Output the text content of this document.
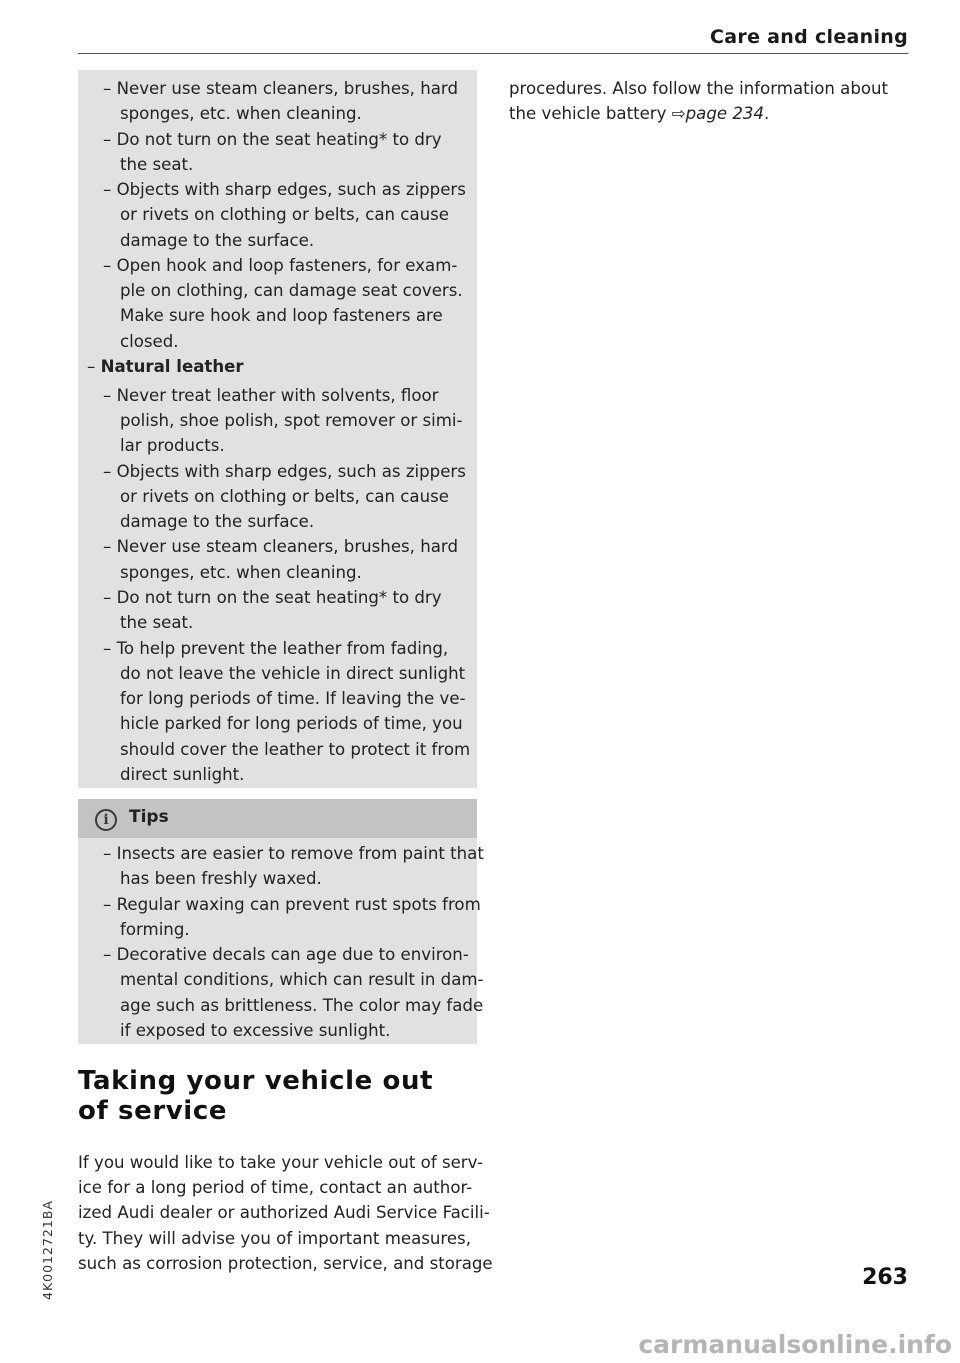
Care and cleaning
– Never use steam cleaners, brushes, hard
sponges, etc. when cleaning.
– Do not turn on the seat heating* to dry
the seat.
– Objects with sharp edges, such as zippers
or rivets on clothing or belts, can cause
damage to the surface.
– Open hook and loop fasteners, for exam-
ple on clothing, can damage seat covers.
Make sure hook and loop fasteners are
closed.
– Natural leather
– Never treat leather with solvents, floor
polish, shoe polish, spot remover or simi-
lar products.
– Objects with sharp edges, such as zippers
or rivets on clothing or belts, can cause
damage to the surface.
– Never use steam cleaners, brushes, hard
sponges, etc. when cleaning.
– Do not turn on the seat heating* to dry
the seat.
– To help prevent the leather from fading,
do not leave the vehicle in direct sunlight
for long periods of time. If leaving the ve-
hicle parked for long periods of time, you
should cover the leather to protect it from
direct sunlight.
i	Tips
– Insects are easier to remove from paint that
has been freshly waxed.
– Regular waxing can prevent rust spots from
forming.
– Decorative decals can age due to environ-
mental conditions, which can result in dam-
age such as brittleness. The color may fade
if exposed to excessive sunlight.
Taking your vehicle out
of service
If you would like to take your vehicle out of serv-
ice for a long period of time, contact an author-
ized Audi dealer or authorized Audi Service Facili-
ty. They will advise you of important measures,
such as corrosion protection, service, and storage
procedures. Also follow the information about
the vehicle battery ⇨page 234.
4K0012721BA	263
carmanualsonline.info
